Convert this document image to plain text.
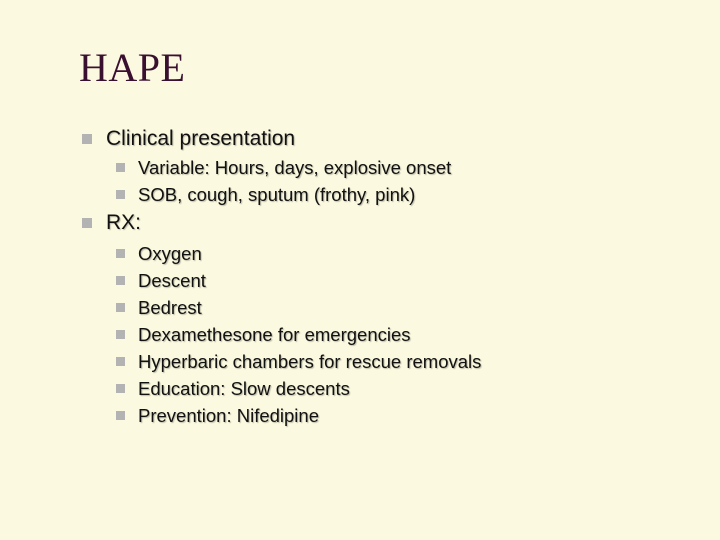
HAPE
Clinical presentation
Variable: Hours, days, explosive onset
SOB, cough, sputum (frothy, pink)
RX:
Oxygen
Descent
Bedrest
Dexamethesone for emergencies
Hyperbaric chambers for rescue removals
Education: Slow descents
Prevention: Nifedipine
